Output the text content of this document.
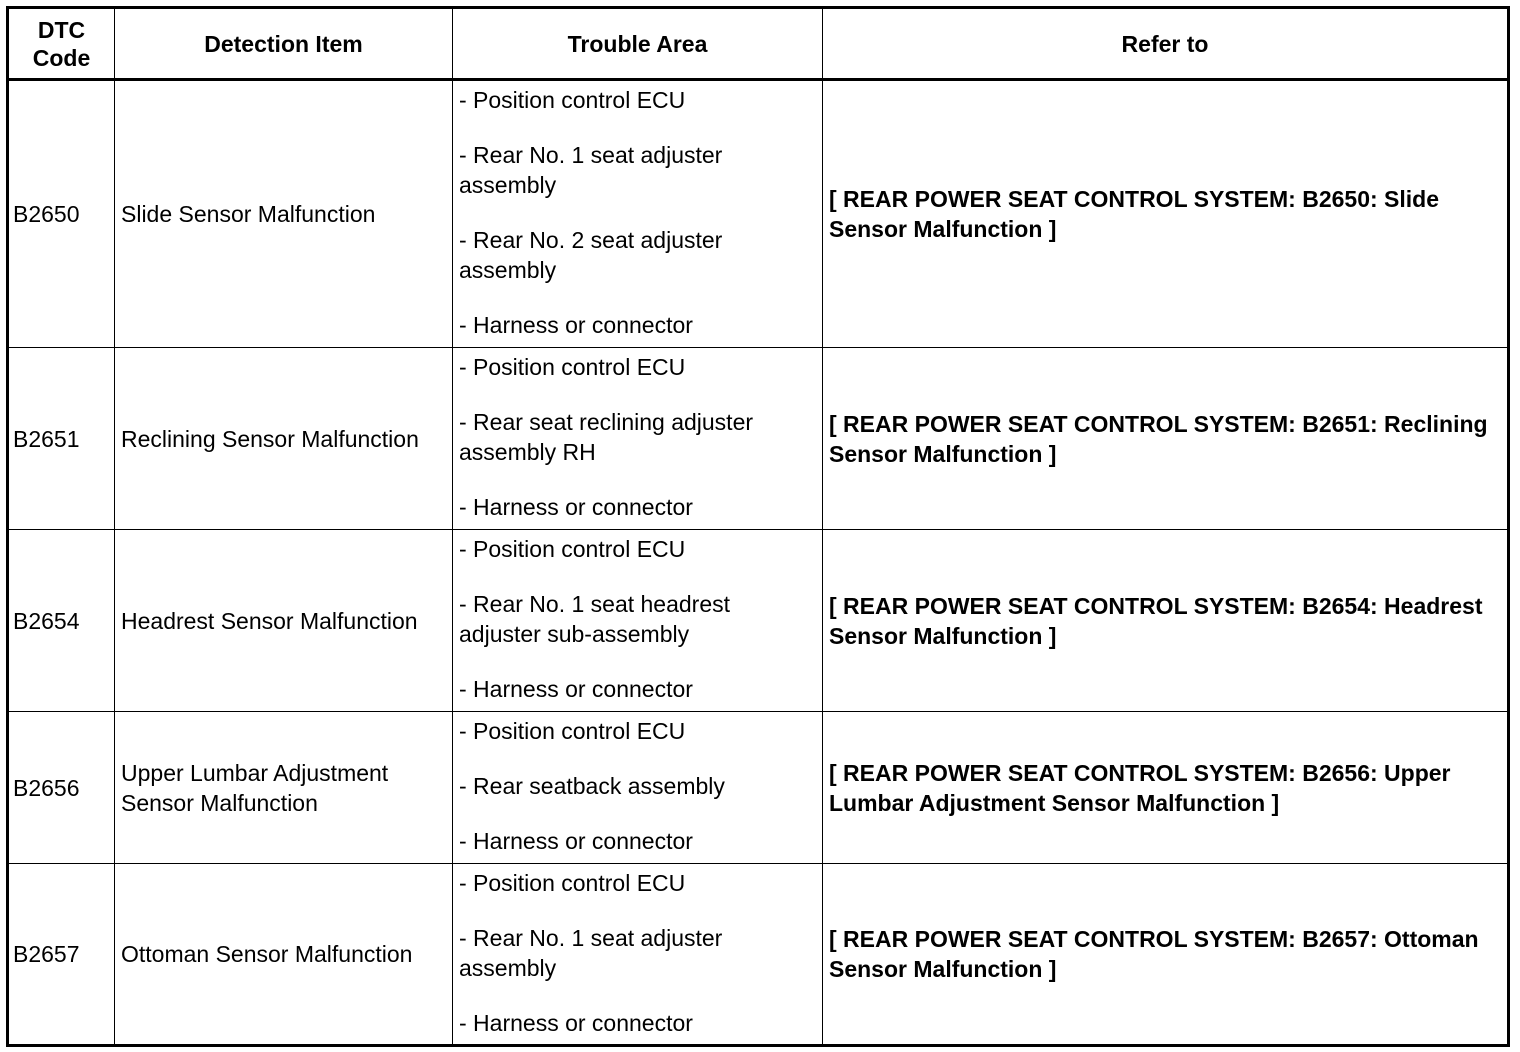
DTC
Code	Detection Item	Trouble Area	Refer to
B2650	Slide Sensor Malfunction	- Position control ECU
- Rear No. 1 seat adjuster assembly
- Rear No. 2 seat adjuster assembly
- Harness or connector	[ REAR POWER SEAT CONTROL SYSTEM: B2650: Slide Sensor Malfunction ]
B2651	Reclining Sensor Malfunction	- Position control ECU
- Rear seat reclining adjuster assembly RH
- Harness or connector	[ REAR POWER SEAT CONTROL SYSTEM: B2651: Reclining Sensor Malfunction ]
B2654	Headrest Sensor Malfunction	- Position control ECU
- Rear No. 1 seat headrest adjuster sub-assembly
- Harness or connector	[ REAR POWER SEAT CONTROL SYSTEM: B2654: Headrest Sensor Malfunction ]
B2656	Upper Lumbar Adjustment Sensor Malfunction	- Position control ECU
- Rear seatback assembly
- Harness or connector	[ REAR POWER SEAT CONTROL SYSTEM: B2656: Upper Lumbar Adjustment Sensor Malfunction ]
B2657	Ottoman Sensor Malfunction	- Position control ECU
- Rear No. 1 seat adjuster assembly
- Harness or connector	[ REAR POWER SEAT CONTROL SYSTEM: B2657: Ottoman Sensor Malfunction ]
